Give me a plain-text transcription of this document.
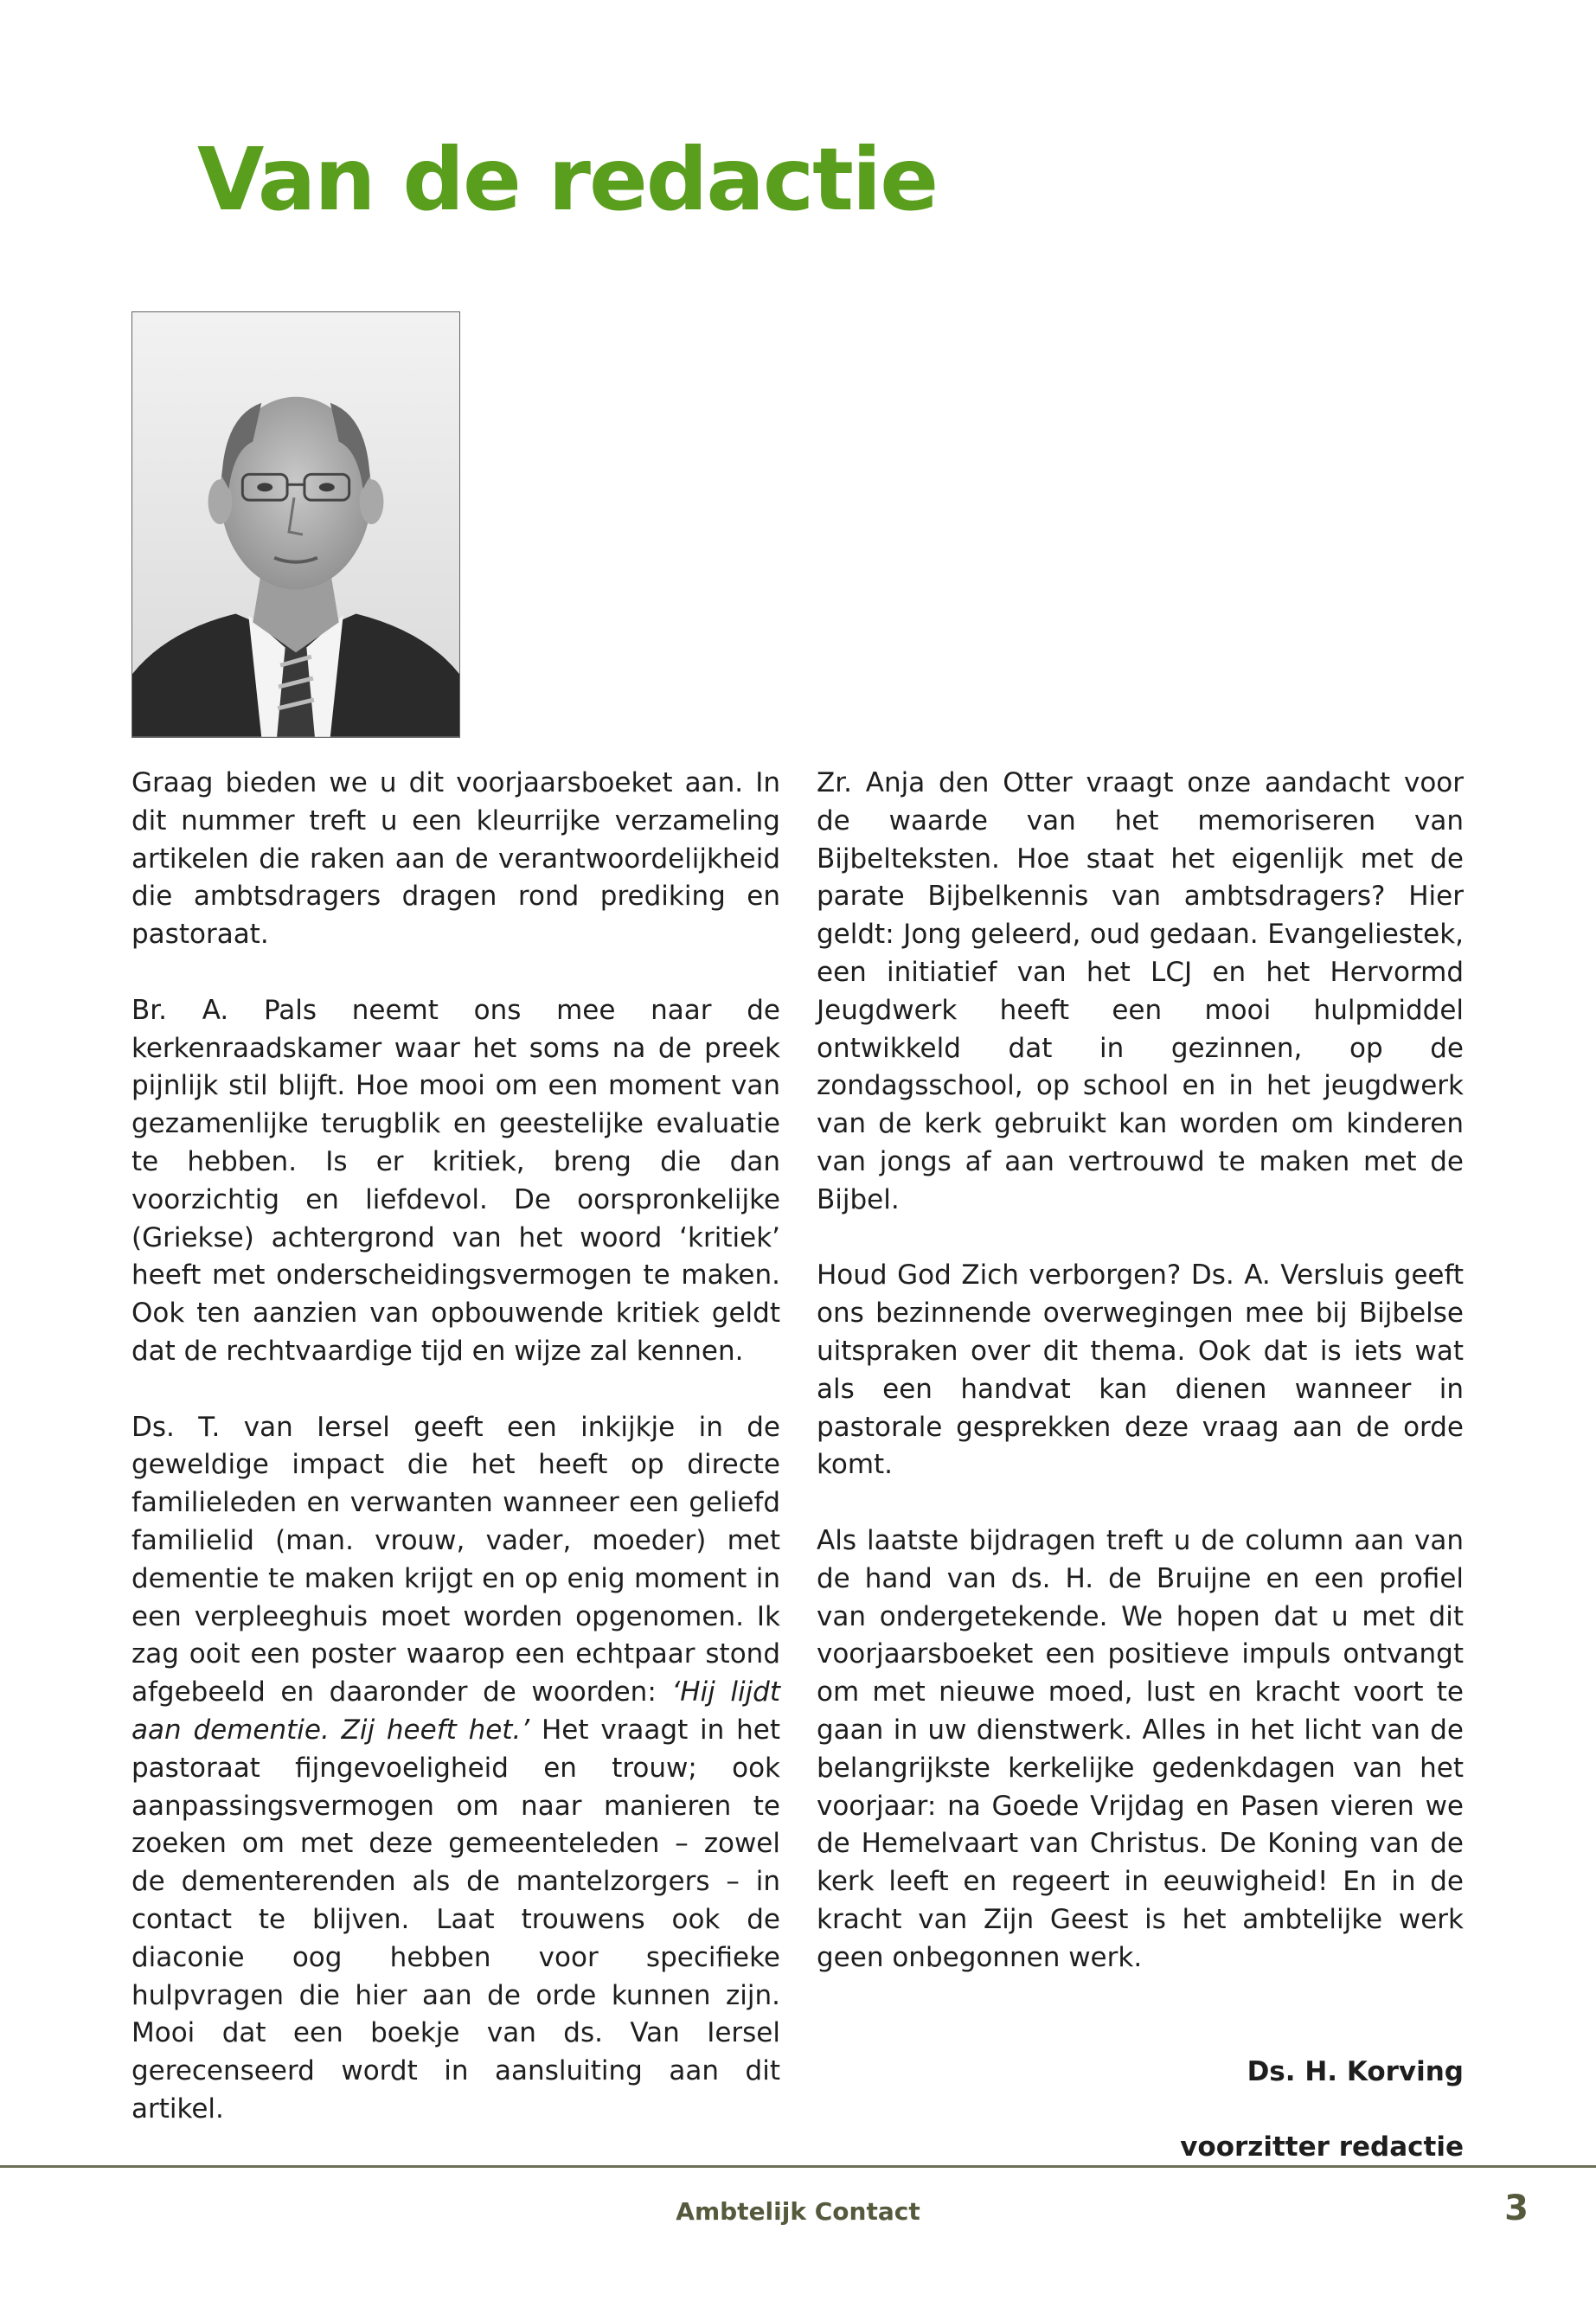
Van de redactie

Graag bieden we u dit voorjaarsboeket aan. In dit nummer treft u een kleurrijke verzameling artikelen die raken aan de verantwoordelijkheid die ambtsdragers dragen rond prediking en pastoraat.

Br. A. Pals neemt ons mee naar de kerkenraadskamer waar het soms na de preek pijnlijk stil blijft. Hoe mooi om een moment van gezamenlijke terugblik en geestelijke evaluatie te hebben. Is er kritiek, breng die dan voorzichtig en liefdevol. De oorspronkelijke (Griekse) achtergrond van het woord ‘kritiek’ heeft met onderscheidingsvermogen te maken. Ook ten aanzien van opbouwende kritiek geldt dat de rechtvaardige tijd en wijze zal kennen.

Ds. T. van Iersel geeft een inkijkje in de geweldige impact die het heeft op directe familieleden en verwanten wanneer een geliefd familielid (man. vrouw, vader, moeder) met dementie te maken krijgt en op enig moment in een verpleeghuis moet worden opgenomen. Ik zag ooit een poster waarop een echtpaar stond afgebeeld en daaronder de woorden: ‘Hij lijdt aan dementie. Zij heeft het.’ Het vraagt in het pastoraat fijngevoeligheid en trouw; ook aanpassingsvermogen om naar manieren te zoeken om met deze gemeenteleden – zowel de dementerenden als de mantelzorgers – in contact te blijven. Laat trouwens ook de diaconie oog hebben voor specifieke hulpvragen die hier aan de orde kunnen zijn. Mooi dat een boekje van ds. Van Iersel gerecenseerd wordt in aansluiting aan dit artikel.

Zr. Anja den Otter vraagt onze aandacht voor de waarde van het memoriseren van Bijbelteksten. Hoe staat het eigenlijk met de parate Bijbelkennis van ambtsdragers? Hier geldt: Jong geleerd, oud gedaan. Evangeliestek, een initiatief van het LCJ en het Hervormd Jeugdwerk heeft een mooi hulpmiddel ontwikkeld dat in gezinnen, op de zondagsschool, op school en in het jeugdwerk van de kerk gebruikt kan worden om kinderen van jongs af aan vertrouwd te maken met de Bijbel.

Houd God Zich verborgen? Ds. A. Versluis geeft ons bezinnende overwegingen mee bij Bijbelse uitspraken over dit thema. Ook dat is iets wat als een handvat kan dienen wanneer in pastorale gesprekken deze vraag aan de orde komt.

Als laatste bijdragen treft u de column aan van de hand van ds. H. de Bruijne en een profiel van ondergetekende. We hopen dat u met dit voorjaarsboeket een positieve impuls ontvangt om met nieuwe moed, lust en kracht voort te gaan in uw dienstwerk. Alles in het licht van de belangrijkste kerkelijke gedenkdagen van het voorjaar: na Goede Vrijdag en Pasen vieren we de Hemelvaart van Christus. De Koning van de kerk leeft en regeert in eeuwigheid! En in de kracht van Zijn Geest is het ambtelijke werk geen onbegonnen werk.

Ds. H. Korving

voorzitter redactie

Ambtelijk Contact	3
